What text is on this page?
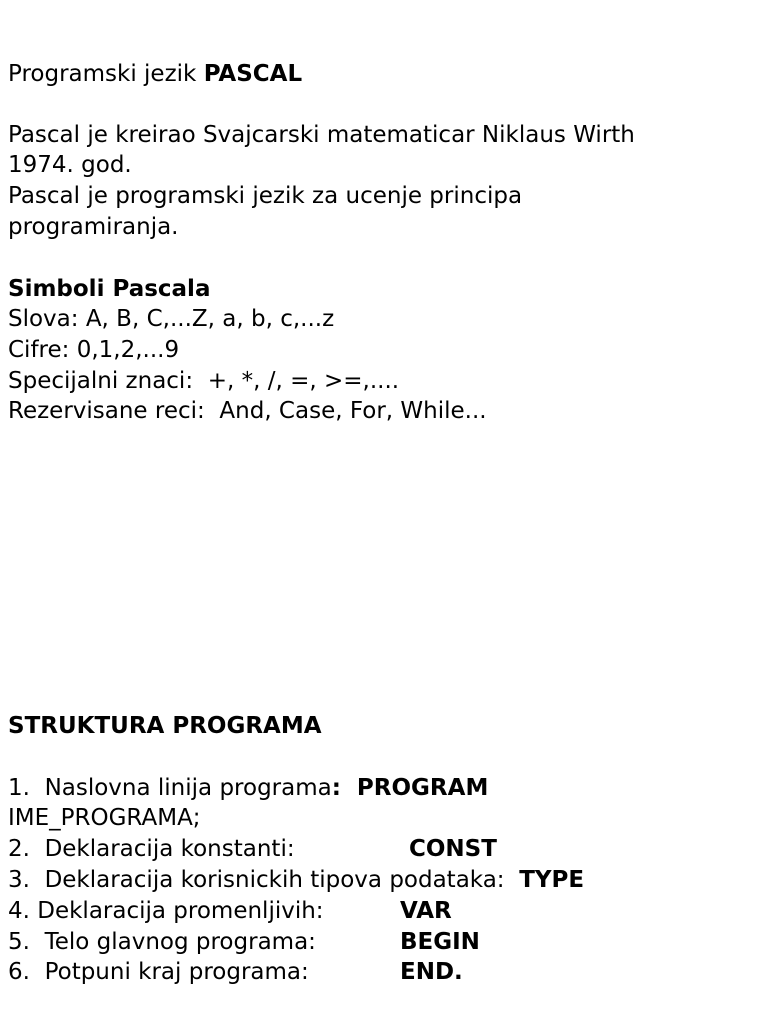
Programski jezik PASCAL
Pascal je kreirao Svajcarski matematicar Niklaus Wirth
1974. god.
Pascal je programski jezik za ucenje principa
programiranja.
Simboli Pascala
Slova: A, B, C,...Z, a, b, c,...z
Cifre: 0,1,2,...9
Specijalni znaci:  +, *, /, =, >=,....
Rezervisane reci:  And, Case, For, While...
STRUKTURA PROGRAMA
1.  Naslovna linija programa:  PROGRAM
IME_PROGRAMA;
2.  Deklaracija konstanti:	CONST
3.  Deklaracija korisnickih tipova podataka:  TYPE
4. Deklaracija promenljivih:	VAR
5.  Telo glavnog programa:	BEGIN
6.  Potpuni kraj programa:	END.
